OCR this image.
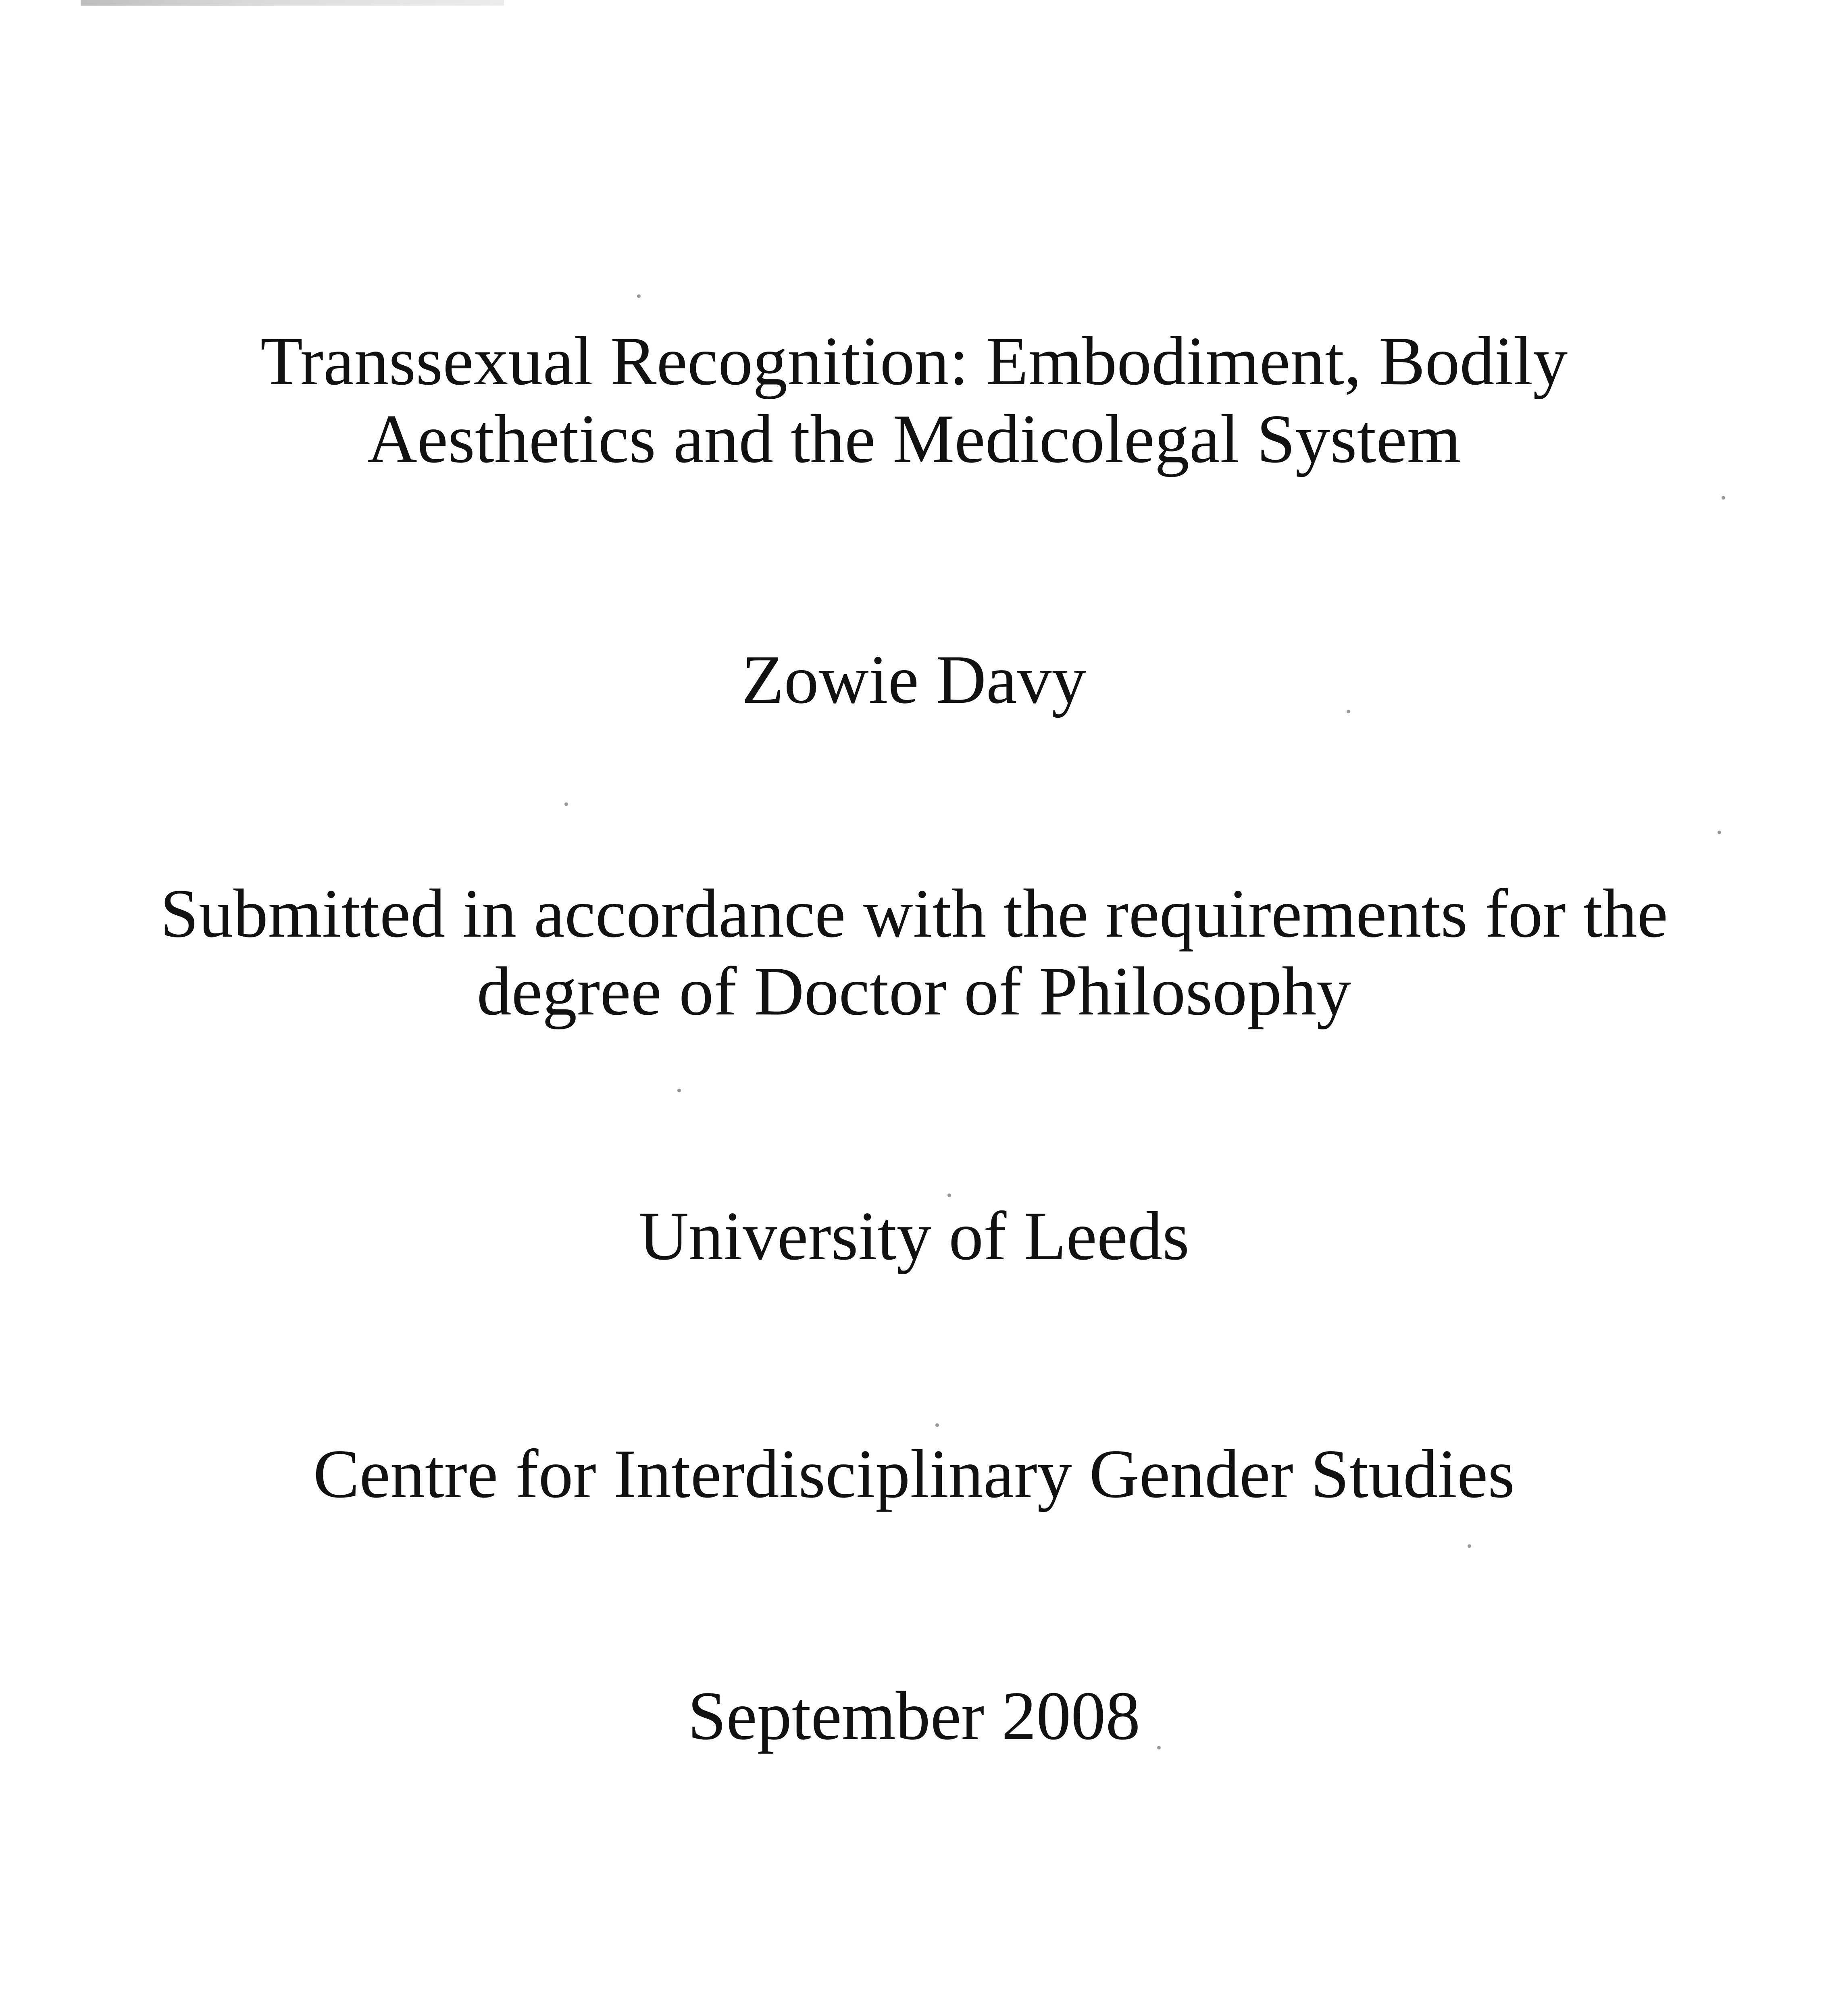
Transsexual Recognition: Embodiment, Bodily
Aesthetics and the Medicolegal System
Zowie Davy
Submitted in accordance with the requirements for the
degree of Doctor of Philosophy
University of Leeds
Centre for Interdisciplinary Gender Studies
September 2008
